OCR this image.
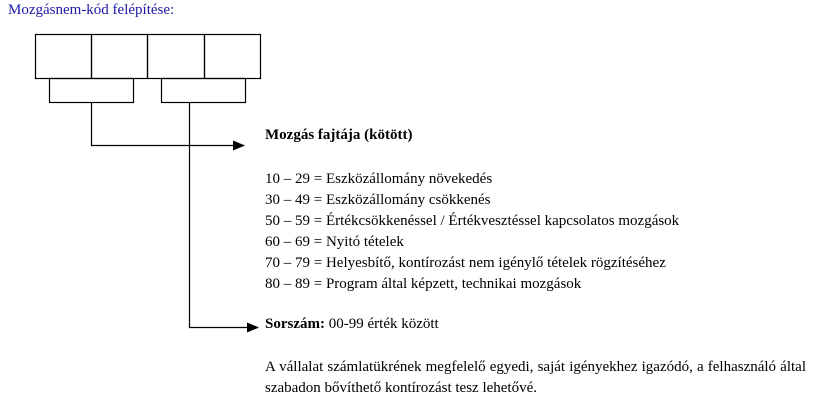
Mozgásnem-kód felépítése:
Mozgás fajtája (kötött)
10 – 29 = Eszközállomány növekedés
30 – 49 = Eszközállomány csökkenés
50 – 59 = Értékcsökkenéssel / Értékvesztéssel kapcsolatos mozgások
60 – 69 = Nyitó tételek
70 – 79 = Helyesbítő, kontírozást nem igénylő tételek rögzítéséhez
80 – 89 = Program által képzett, technikai mozgások
Sorszám: 00-99 érték között

A vállalat számlatükrének megfelelő egyedi, saját igényekhez igazódó, a felhasználó által szabadon bővíthető kontírozást tesz lehetővé.
